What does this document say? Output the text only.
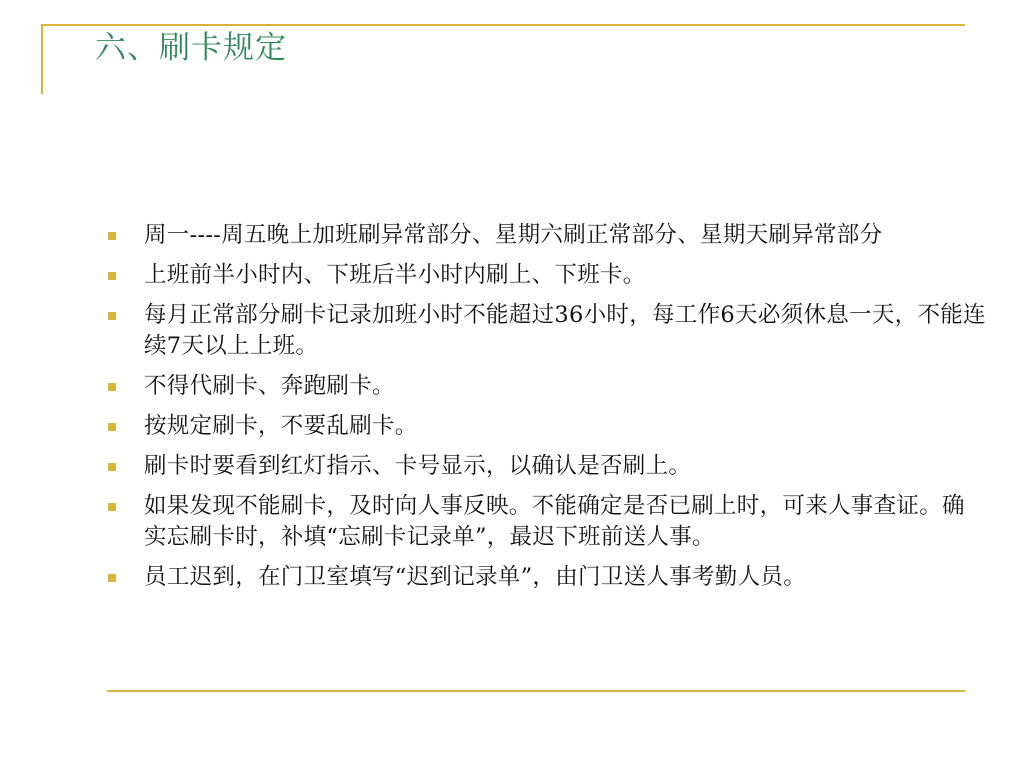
六、刷卡规定
周一----周五晚上加班刷异常部分、星期六刷正常部分、星期天刷异常部分
上班前半小时内、下班后半小时内刷上、下班卡。
每月正常部分刷卡记录加班小时不能超过36小时，每工作6天必须休息一天，不能连续7天以上上班。
不得代刷卡、奔跑刷卡。
按规定刷卡，不要乱刷卡。
刷卡时要看到红灯指示、卡号显示，以确认是否刷上。
如果发现不能刷卡，及时向人事反映。不能确定是否已刷上时，可来人事查证。确实忘刷卡时，补填“忘刷卡记录单”，最迟下班前送人事。
员工迟到，在门卫室填写“迟到记录单”，由门卫送人事考勤人员。
